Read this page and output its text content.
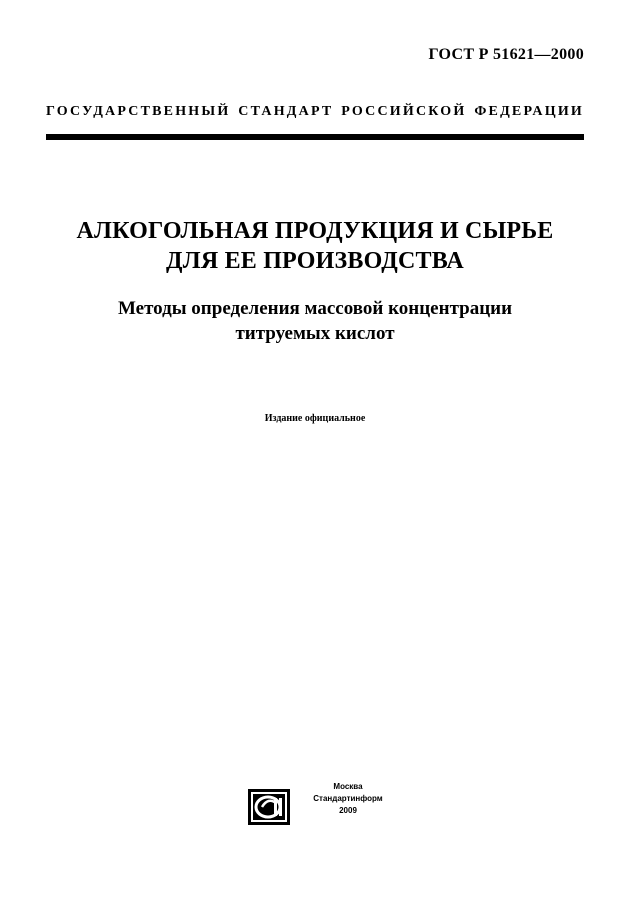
ГОСТ Р 51621—2000
ГОСУДАРСТВЕННЫЙ СТАНДАРТ РОССИЙСКОЙ ФЕДЕРАЦИИ
АЛКОГОЛЬНАЯ ПРОДУКЦИЯ И СЫРЬЕ
ДЛЯ ЕЕ ПРОИЗВОДСТВА
Методы определения массовой концентрации
титруемых кислот
Издание официальное
Москва
Стандартинформ
2009
